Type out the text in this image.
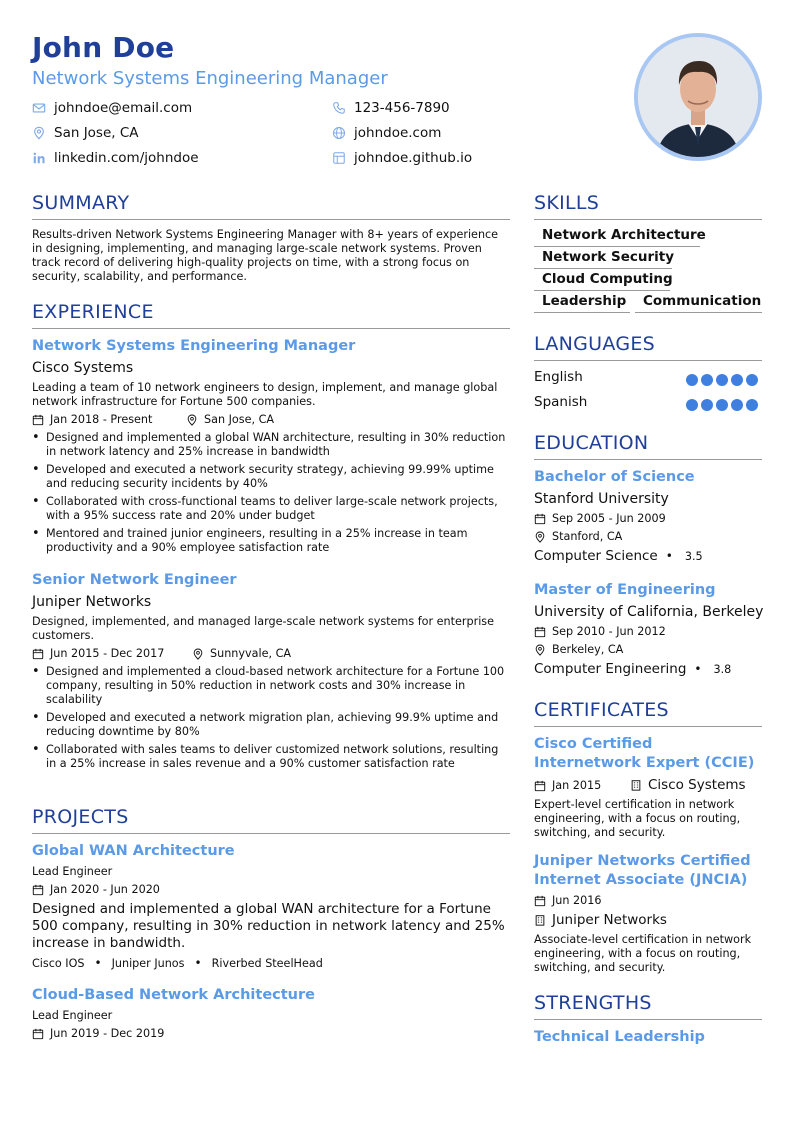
John Doe
Network Systems Engineering Manager
johndoe@email.com	123-456-7890
San Jose, CA	johndoe.com
linkedin.com/johndoe	johndoe.github.io
SUMMARY
Results-driven Network Systems Engineering Manager with 8+ years of experience in designing, implementing, and managing large-scale network systems. Proven track record of delivering high-quality projects on time, with a strong focus on security, scalability, and performance.
EXPERIENCE
Network Systems Engineering Manager
Cisco Systems
Leading a team of 10 network engineers to design, implement, and manage global network infrastructure for Fortune 500 companies.
Jan 2018 - Present	San Jose, CA
• Designed and implemented a global WAN architecture, resulting in 30% reduction in network latency and 25% increase in bandwidth
• Developed and executed a network security strategy, achieving 99.99% uptime and reducing security incidents by 40%
• Collaborated with cross-functional teams to deliver large-scale network projects, with a 95% success rate and 20% under budget
• Mentored and trained junior engineers, resulting in a 25% increase in team productivity and a 90% employee satisfaction rate
Senior Network Engineer
Juniper Networks
Designed, implemented, and managed large-scale network systems for enterprise customers.
Jun 2015 - Dec 2017	Sunnyvale, CA
• Designed and implemented a cloud-based network architecture for a Fortune 100 company, resulting in 50% reduction in network costs and 30% increase in scalability
• Developed and executed a network migration plan, achieving 99.9% uptime and reducing downtime by 80%
• Collaborated with sales teams to deliver customized network solutions, resulting in a 25% increase in sales revenue and a 90% customer satisfaction rate
PROJECTS
Global WAN Architecture
Lead Engineer
Jan 2020 - Jun 2020
Designed and implemented a global WAN architecture for a Fortune 500 company, resulting in 30% reduction in network latency and 25% increase in bandwidth.
Cisco IOS • Juniper Junos • Riverbed SteelHead
Cloud-Based Network Architecture
Lead Engineer
Jun 2019 - Dec 2019
SKILLS
Network Architecture
Network Security
Cloud Computing
Leadership	Communication
LANGUAGES
English
Spanish
EDUCATION
Bachelor of Science
Stanford University
Sep 2005 - Jun 2009
Stanford, CA
Computer Science • 3.5
Master of Engineering
University of California, Berkeley
Sep 2010 - Jun 2012
Berkeley, CA
Computer Engineering • 3.8
CERTIFICATES
Cisco Certified Internetwork Expert (CCIE)
Jan 2015	Cisco Systems
Expert-level certification in network engineering, with a focus on routing, switching, and security.
Juniper Networks Certified Internet Associate (JNCIA)
Jun 2016
Juniper Networks
Associate-level certification in network engineering, with a focus on routing, switching, and security.
STRENGTHS
Technical Leadership
